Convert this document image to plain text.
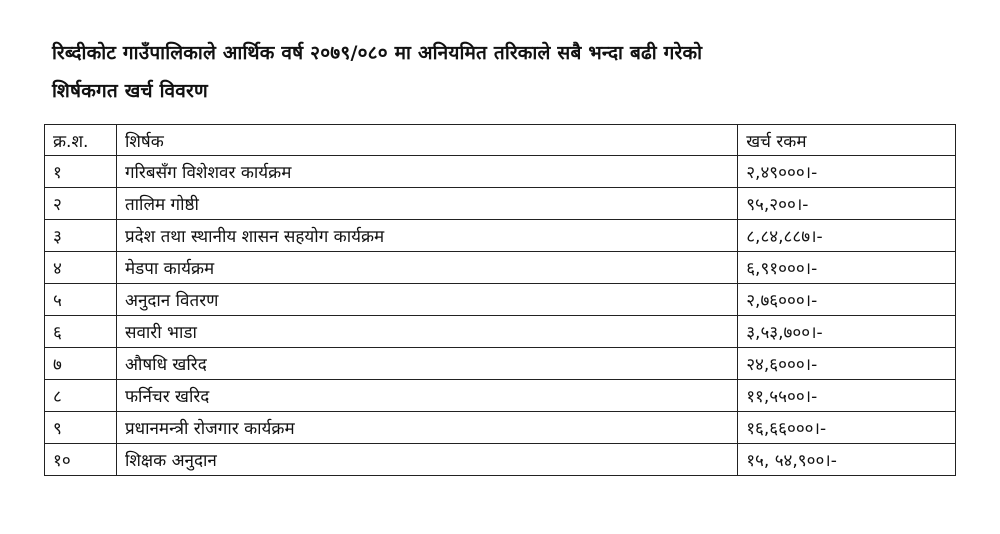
रिब्दीकोट गाउँपालिकाले आर्थिक वर्ष २०७९/०८० मा अनियमित तरिकाले सबै भन्दा बढी गरेको
शिर्षकगत खर्च विवरण
क्र.श.	शिर्षक	खर्च रकम
१	गरिबसँग विशेशवर कार्यक्रम	२,४९०००।-
२	तालिम गोष्ठी	९५,२००।-
३	प्रदेश तथा स्थानीय शासन सहयोग कार्यक्रम	८,८४,८८७।-
४	मेडपा कार्यक्रम	६,९१०००।-
५	अनुदान वितरण	२,७६०००।-
६	सवारी भाडा	३,५३,७००।-
७	औषधि खरिद	२४,६०००।-
८	फर्निचर खरिद	११,५५००।-
९	प्रधानमन्त्री रोजगार कार्यक्रम	१६,६६०००।-
१०	शिक्षक अनुदान	१५, ५४,९००।-
